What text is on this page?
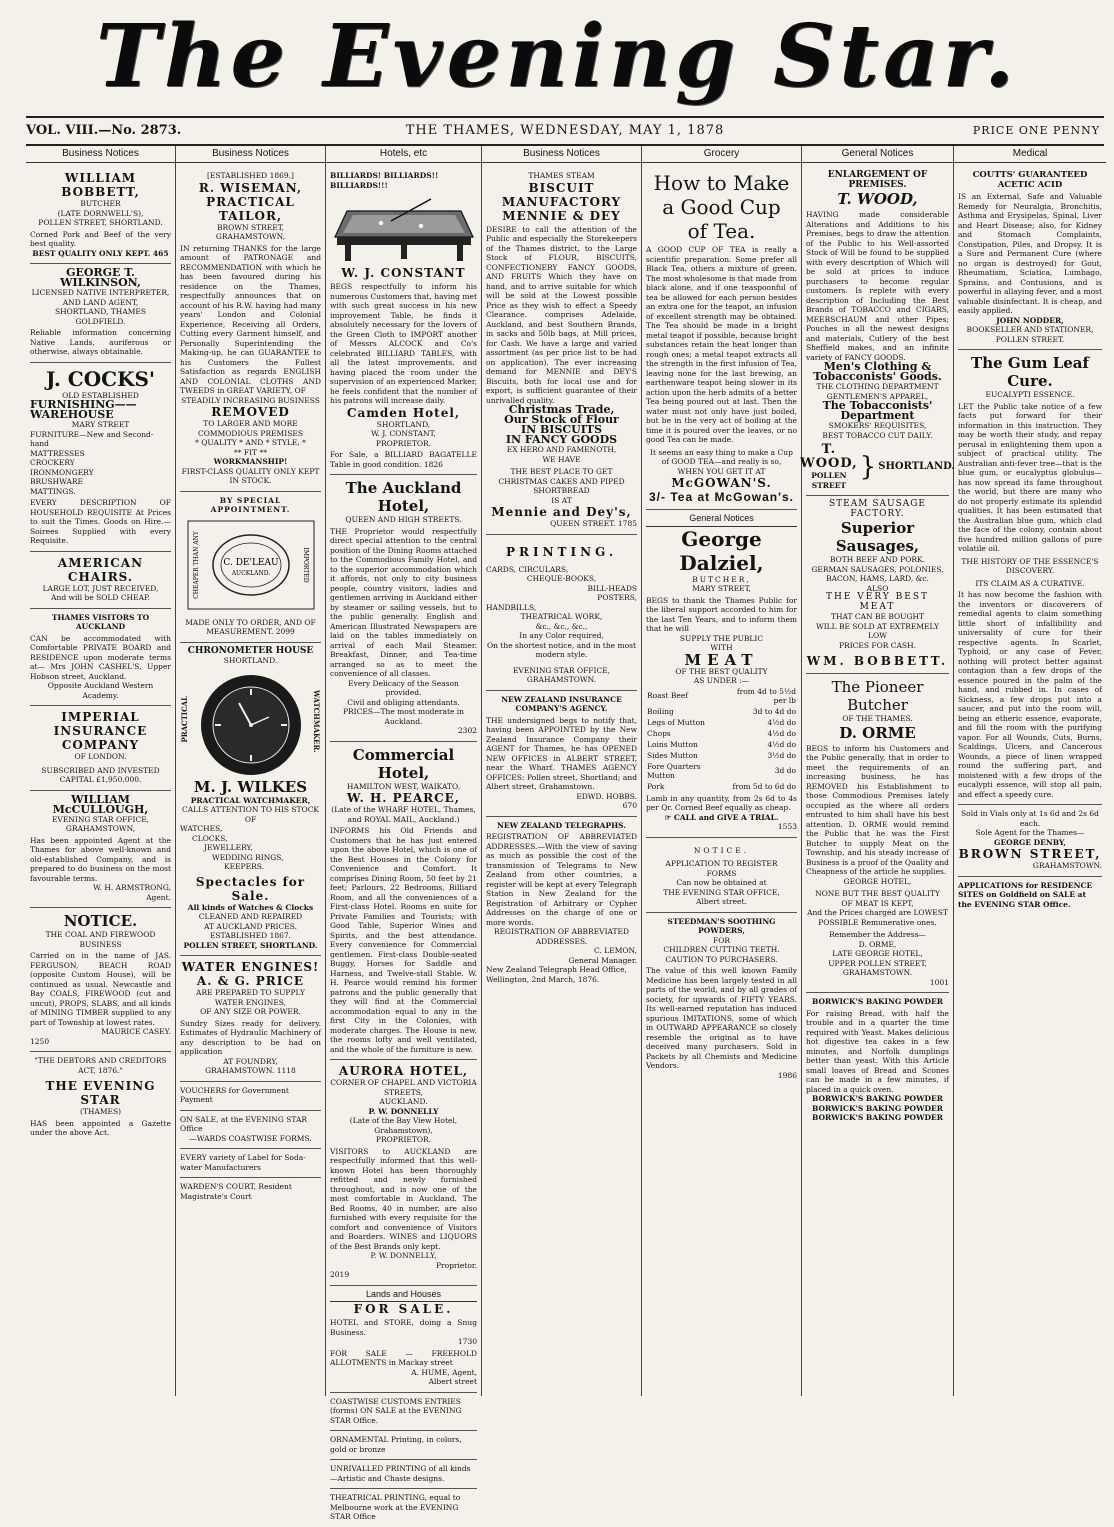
The Evening Star.
VOL. VIII.—No. 2873.	THE THAMES, WEDNESDAY, MAY 1, 1878	PRICE ONE PENNY
Business Notices
WILLIAM BOBBETT,
BUTCHER
(LATE DORNWELL'S),
POLLEN STREET, SHORTLAND.
Corned Pork and Beef of the very best quality.
BEST QUALITY ONLY KEPT. 465
GEORGE T. WILKINSON,
LICENSED NATIVE INTERPRETER,
AND LAND AGENT,
SHORTLAND, THAMES GOLDFIELD.
Reliable information concerning Native Lands, auriferous or otherwise, always obtainable.
J. COCKS'
OLD ESTABLISHED
FURNISHING——WAREHOUSE
MARY STREET
FURNITURE—New and Second-hand
MATTRESSES
CROCKERY
IRONMONGERY
BRUSHWARE
MATTINGS.
EVERY DESCRIPTION OF HOUSEHOLD REQUISITE At Prices to suit the Times. Goods on Hire.—Soirees Supplied with every Requisite.
AMERICAN CHAIRS.
LARGE LOT, JUST RECEIVED,
And will be SOLD CHEAP.
THAMES VISITORS TO AUCKLAND
CAN be accommodated with Comfortable PRIVATE BOARD and RESIDENCE upon moderate terms at— Mrs JOHN CASHEL'S, Upper Hobson street, Auckland.
Opposite Auckland Western Academy.
IMPERIAL
INSURANCE COMPANY
OF LONDON.
SUBSCRIBED AND INVESTED
CAPITAL £1,950,000.
WILLIAM McCULLOUGH,
EVENING STAR OFFICE,
GRAHAMSTOWN,
Has been appointed Agent at the Thames for above well-known and old-established Company, and is prepared to do business on the most favourable terms.
W. H. ARMSTRONG,
Agent.
NOTICE.
THE COAL AND FIREWOOD BUSINESS
Carried on in the name of JAS. FERGUSON, BEACH ROAD (opposite Custom House), will be continued as usual. Newcastle and Bay COALS, FIREWOOD (cut and uncut), PROPS, SLABS, and all kinds of MINING TIMBER supplied to any part of Township at lowest rates.
MAURICE CASEY.
1250
"THE DEBTORS AND CREDITORS
ACT, 1876."
THE EVENING STAR
(THAMES)
HAS been appointed a Gazette under the above Act.
Business Notices
[ESTABLISHED 1869.]
R. WISEMAN,
PRACTICAL TAILOR,
BROWN STREET,
GRAHAMSTOWN,
IN returning THANKS for the large amount of PATRONAGE and RECOMMENDATION with which he has been favoured during his residence on the Thames, respectfully announces that on account of his R.W. having had many years' London and Colonial Experience, Receiving all Orders, Cutting every Garment himself, and Personally Superintending the Making-up, he can GUARANTEE to his Customers the Fullest Satisfaction as regards ENGLISH AND COLONIAL CLOTHS AND TWEEDS in GREAT VARIETY, OF
STEADILY INCREASING BUSINESS
REMOVED
TO LARGER AND MORE COMMODIOUS PREMISES
* QUALITY * AND * STYLE, *
** FIT **
WORKMANSHIP!
FIRST-CLASS QUALITY ONLY KEPT IN STOCK.
BY SPECIAL APPOINTMENT.
C. DE'LEAU
AUCKLAND.
CHEAPER THAN ANY	IMPORTED
MADE ONLY TO ORDER, AND OF MEASUREMENT. 2099
CHRONOMETER HOUSE
SHORTLAND.
PRACTICAL	WATCHMAKER.
M. J. WILKES
PRACTICAL WATCHMAKER,
CALLS ATTENTION TO HIS STOCK OF
WATCHES,
CLOCKS,
JEWELLERY,
WEDDING RINGS,
KEEPERS.
Spectacles for Sale.
All kinds of Watches & Clocks
CLEANED AND REPAIRED
AT AUCKLAND PRICES.
ESTABLISHED 1867.
POLLEN STREET, SHORTLAND.
WATER ENGINES!
A. & G. PRICE
ARE PREPARED TO SUPPLY
WATER ENGINES,
OF ANY SIZE OR POWER.
Sundry Sizes ready for delivery. Estimates of Hydraulic Machinery of any description to be had on application
AT FOUNDRY,
GRAHAMSTOWN. 1118
VOUCHERS for Government Payment
ON SALE, at the EVENING STAR Office
—WARDS COASTWISE FORMS.
EVERY variety of Label for Soda-water Manufacturers
WARDEN'S COURT, Resident Magistrate's Court
Hotels, etc
BILLIARDS! BILLIARDS!! BILLIARDS!!!
W. J. CONSTANT
BEGS respectfully to inform his numerous Customers that, having met with such great success in his new improvement Table, he finds it absolutely necessary for the lovers of the Green Cloth to IMPORT another of Messrs ALCOCK and Co's celebrated BILLIARD TABLES, with all the latest improvements, and having placed the room under the supervision of an experienced Marker, he feels confident that the number of his patrons will increase daily.
Camden Hotel,
SHORTLAND,
W. J. CONSTANT,
PROPRIETOR.
For Sale, a BILLIARD BAGATELLE Table in good condition. 1826
The Auckland Hotel,
QUEEN AND HIGH STREETS.
THE Proprietor would respectfully direct special attention to the central position of the Dining Rooms attached to the Commodious Family Hotel, and to the superior accommodation which it affords, not only to city business people, country visitors, ladies and gentlemen arriving in Auckland either by steamer or sailing vessels, but to the public generally. English and American Illustrated Newspapers are laid on the tables immediately on arrival of each Mail Steamer. Breakfast, Dinner, and Tea-time arranged so as to meet the convenience of all classes.
Every Delicacy of the Season provided.
Civil and obliging attendants.
PRICES—The most moderate in Auckland.
2302
Commercial Hotel,
HAMILTON WEST, WAIKATO.
W. H. PEARCE,
(Late of the WHARF HOTEL, Thames, and ROYAL MAIL, Auckland.)
INFORMS his Old Friends and Customers that he has just entered upon the above Hotel, which is one of the Best Houses in the Colony for Convenience and Comfort. It comprises Dining Room, 50 feet by 21 feet; Parlours, 22 Bedrooms, Billiard Room, and all the conveniences of a First-class Hotel. Rooms en suite for Private Families and Tourists; with Good Table, Superior Wines and Spirits, and the best attendance. Every convenience for Commercial gentlemen. First-class Double-seated Buggy, Horses for Saddle and Harness, and Twelve-stall Stable. W. H. Pearce would remind his former patrons and the public generally that they will find at the Commercial accommodation equal to any in the first City in the Colonies, with moderate charges. The House is new, the rooms lofty and well ventilated, and the whole of the furniture is new.
AURORA HOTEL,
CORNER OF CHAPEL AND VICTORIA STREETS,
AUCKLAND.
P. W. DONNELLY
(Late of the Bay View Hotel, Grahamstown),
PROPRIETOR.
VISITORS to AUCKLAND are respectfully informed that this well-known Hotel has been thoroughly refitted and newly furnished throughout, and is now one of the most comfortable in Auckland. The Bed Rooms, 40 in number, are also furnished with every requisite for the comfort and convenience of Visitors and Boarders. WINES and LIQUORS of the Best Brands only kept.
P. W. DONNELLY,
Proprietor.
2019
Lands and Houses
FOR SALE.
HOTEL and STORE, doing a Snug Business.
1730
FOR SALE — FREEHOLD ALLOTMENTS in Mackay street
A. HUME, Agent,
Albert street
COASTWISE CUSTOMS ENTRIES (forms) ON SALE at the EVENING STAR Office.
ORNAMENTAL Printing, in colors, gold or bronze
UNRIVALLED PRINTING of all kinds —Artistic and Chaste designs.
THEATRICAL PRINTING, equal to Melbourne work at the EVENING STAR Office
Business Notices
THAMES STEAM
BISCUIT MANUFACTORY
MENNIE & DEY
DESIRE to call the attention of the Public and especially the Storekeepers of the Thames district, to the Large Stock of FLOUR, BISCUITS, CONFECTIONERY FANCY GOODS, AND FRUITS Which they have on hand, and to arrive suitable for which will be sold at the Lowest possible Price as they wish to effect a Speedy Clearance. comprises Adelaide, Auckland, and best Southern Brands, in sacks and 50lb bags, at Mill prices, for Cash. We have a large and varied assortment (as per price list to be had on application). The ever increasing demand for MENNIE and DEY'S Biscuits, both for local use and for export, is sufficient guarantee of their unrivalled quality.
Christmas Trade,
Our Stock of Flour
IN BISCUITS
IN FANCY GOODS
EX HERO AND FAMENOTH,
WE HAVE
THE BEST PLACE TO GET CHRISTMAS CAKES AND PIPED SHORTBREAD
IS AT
Mennie and Dey's,
QUEEN STREET. 1785
PRINTING.
CARDS, CIRCULARS,
CHEQUE-BOOKS,
BILL-HEADS
POSTERS,
HANDBILLS,
THEATRICAL WORK,
&c., &c., &c.,
In any Color required,
On the shortest notice, and in the most modern style.
EVENING STAR OFFICE,
GRAHAMSTOWN.
NEW ZEALAND INSURANCE COMPANY'S AGENCY.
THE undersigned begs to notify that, having been APPOINTED by the New Zealand Insurance Company their AGENT for Thames, he has OPENED NEW OFFICES in ALBERT STREET, near the Wharf. THAMES AGENCY OFFICES: Pollen street, Shortland; and Albert street, Grahamstown.
EDWD. HOBBS.
670
NEW ZEALAND TELEGRAPHS.
REGISTRATION OF ABBREVIATED ADDRESSES.—With the view of saving as much as possible the cost of the transmission of Telegrams to New Zealand from other countries, a register will be kept at every Telegraph Station in New Zealand for the Registration of Arbitrary or Cypher Addresses on the charge of one or more words.
REGISTRATION OF ABBREVIATED ADDRESSES.
C. LEMON,
General Manager.
New Zealand Telegraph Head Office, Wellington, 2nd March, 1876.
Grocery
How to Make
a Good Cup
of Tea.
A GOOD CUP OF TEA is really a scientific preparation. Some prefer all Black Tea, others a mixture of green. The most wholesome is that made from black alone, and if one teaspoonful of tea be allowed for each person besides an extra one for the teapot, an infusion of excellent strength may be obtained. The Tea should be made in a bright metal teapot if possible, because bright substances retain the heat longer than rough ones; a metal teapot extracts all the strength in the first infusion of Tea, leaving none for the last brewing, an earthenware teapot being slower in its action upon the herb admits of a better Tea being poured out at last. Then the water must not only have just boiled, but be in the very act of boiling at the time it is poured over the leaves, or no good Tea can be made.
It seems an easy thing to make a Cup of GOOD TEA—and really is so,
WHEN YOU GET IT AT
McGOWAN'S.
3/- Tea at McGowan's.
General Notices
George Dalziel,
BUTCHER,
MARY STREET,
BEGS to thank the Thames Public for the liberal support accorded to him for the last Ten Years, and to inform them that he will
SUPPLY THE PUBLIC
WITH
MEAT
OF THE BEST QUALITY
AS UNDER :—
Roast Beef	from 4d to 5½d per lb
Boiling	3d to 4d do
Legs of Mutton	4½d do
Chops	4½d do
Loins Mutton	4½d do
Sides Mutton	3½d do
Fore Quarters Mutton	3d do
Pork	from 5d to 6d do
Lamb in any quantity, from 2s 6d to 4s per Qr. Corned Beef equally as cheap.
☞ CALL and GIVE A TRIAL.
1553
NOTICE.
APPLICATION TO REGISTER
FORMS
Can now be obtained at
THE EVENING STAR OFFICE,
Albert street.
STEEDMAN'S SOOTHING POWDERS,
FOR
CHILDREN CUTTING TEETH.
CAUTION TO PURCHASERS.
The value of this well known Family Medicine has been largely tested in all parts of the world, and by all grades of society, for upwards of FIFTY YEARS. Its well-earned reputation has induced spurious IMITATIONS, some of which in OUTWARD APPEARANCE so closely resemble the original as to have deceived many purchasers. Sold in Packets by all Chemists and Medicine Vendors.
1986
General Notices
ENLARGEMENT OF PREMISES.
T. WOOD,
HAVING made considerable Alterations and Additions to his Premises, begs to draw the attention of the Public to his Well-assorted Stock of Will be found to be supplied with every description of Which will be sold at prices to induce purchasers to become regular customers. Is replete with every description of Including the Best Brands of TOBACCO and CIGARS, MEERSCHAUM and other Pipes; Pouches in all the newest designs and materials, Cutlery of the best Sheffield makes, and an infinite variety of FANCY GOODS.
Men's Clothing & Tobacconists' Goods.
THE CLOTHING DEPARTMENT
GENTLEMEN'S APPAREL,
The Tobacconists' Department
SMOKERS' REQUISITES,
BEST TOBACCO CUT DAILY.
T. WOOD,
POLLEN STREET
} SHORTLAND.
STEAM SAUSAGE FACTORY.
Superior Sausages,
BOTH BEEF AND PORK.
GERMAN SAUSAGES, POLONIES,
BACON, HAMS, LARD, &c.
ALSO
THE VERY BEST MEAT
THAT CAN BE BOUGHT
WILL BE SOLD AT EXTREMELY LOW
PRICES FOR CASH.
WM. BOBBETT.
The Pioneer Butcher
OF THE THAMES.
D. ORME
BEGS to inform his Customers and the Public generally, that in order to meet the requirements of an increasing business, he has REMOVED his Establishment to those Commodious Premises lately occupied as the where all orders entrusted to him shall have his best attention. D. ORME would remind the Public that he was the First Butcher to supply Meat on the Township, and his steady increase of Business is a proof of the Quality and Cheapness of the article he supplies.
GEORGE HOTEL,
NONE BUT THE BEST QUALITY
OF MEAT IS KEPT,
And the Prices charged are LOWEST
POSSIBLE Remunerative ones.
Remember the Address—
D. ORME,
LATE GEORGE HOTEL,
UPPER POLLEN STREET,
GRAHAMSTOWN.
1001
BORWICK'S BAKING POWDER
For raising Bread, with half the trouble and in a quarter the time required with Yeast. Makes delicious hot digestive tea cakes in a few minutes, and Norfolk dumplings better than yeast. With this Article small loaves of Bread and Scones can be made in a few minutes, if placed in a quick oven.
BORWICK'S BAKING POWDER
BORWICK'S BAKING POWDER
BORWICK'S BAKING POWDER
Medical
COUTTS' GUARANTEED ACETIC ACID
IS an External, Safe and Valuable Remedy for Neuralgia, Bronchitis, Asthma and Erysipelas, Spinal, Liver and Heart Disease; also, for Kidney and Stomach Complaints, Constipation, Piles, and Dropsy. It is a Sure and Permanent Cure (where no organ is destroyed) for Gout, Rheumatism, Sciatica, Lumbago, Sprains, and Contusions, and is powerful in allaying fever, and a most valuable disinfectant. It is cheap, and easily applied.
JOHN NODDER,
BOOKSELLER AND STATIONER,
POLLEN STREET.
The Gum Leaf Cure.
EUCALYPTI ESSENCE.
LET the Public take notice of a few facts put forward for their information in this instruction. They may be worth their study, and repay perusal in enlightening them upon a subject of practical utility. The Australian anti-fever tree—that is the blue gum, or eucalyptus globulus—has now spread its fame throughout the world, but there are many who do not properly estimate its splendid qualities. It has been estimated that the Australian blue gum, which clad the face of the colony, contain about five hundred million gallons of pure volatile oil.
THE HISTORY OF THE ESSENCE'S DISCOVERY.
ITS CLAIM AS A CURATIVE.
It has now become the fashion with the inventors or discoverers of remedial agents to claim something little short of infallibility and universality of cure for their respective agents. In Scarlet, Typhoid, or any case of Fever, nothing will protect better against contagion than a few drops of the essence poured in the palm of the hand, and rubbed in. In cases of Sickness, a few drops put into a saucer, and put into the room will, being an etheric essence, evaporate, and fill the room with the purifying vapor. For all Wounds, Cuts, Burns, Scaldings, Ulcers, and Cancerous Wounds, a piece of linen wrapped round the suffering part, and moistened with a few drops of the eucalypti essence, will stop all pain, and effect a speedy cure.
Sold in Vials only at 1s 6d and 2s 6d each.
Sole Agent for the Thames—
GEORGE DENBY,
BROWN STREET,
GRAHAMSTOWN.
APPLICATIONS for RESIDENCE SITES on Goldfield on SALE at the EVENING STAR Office.
